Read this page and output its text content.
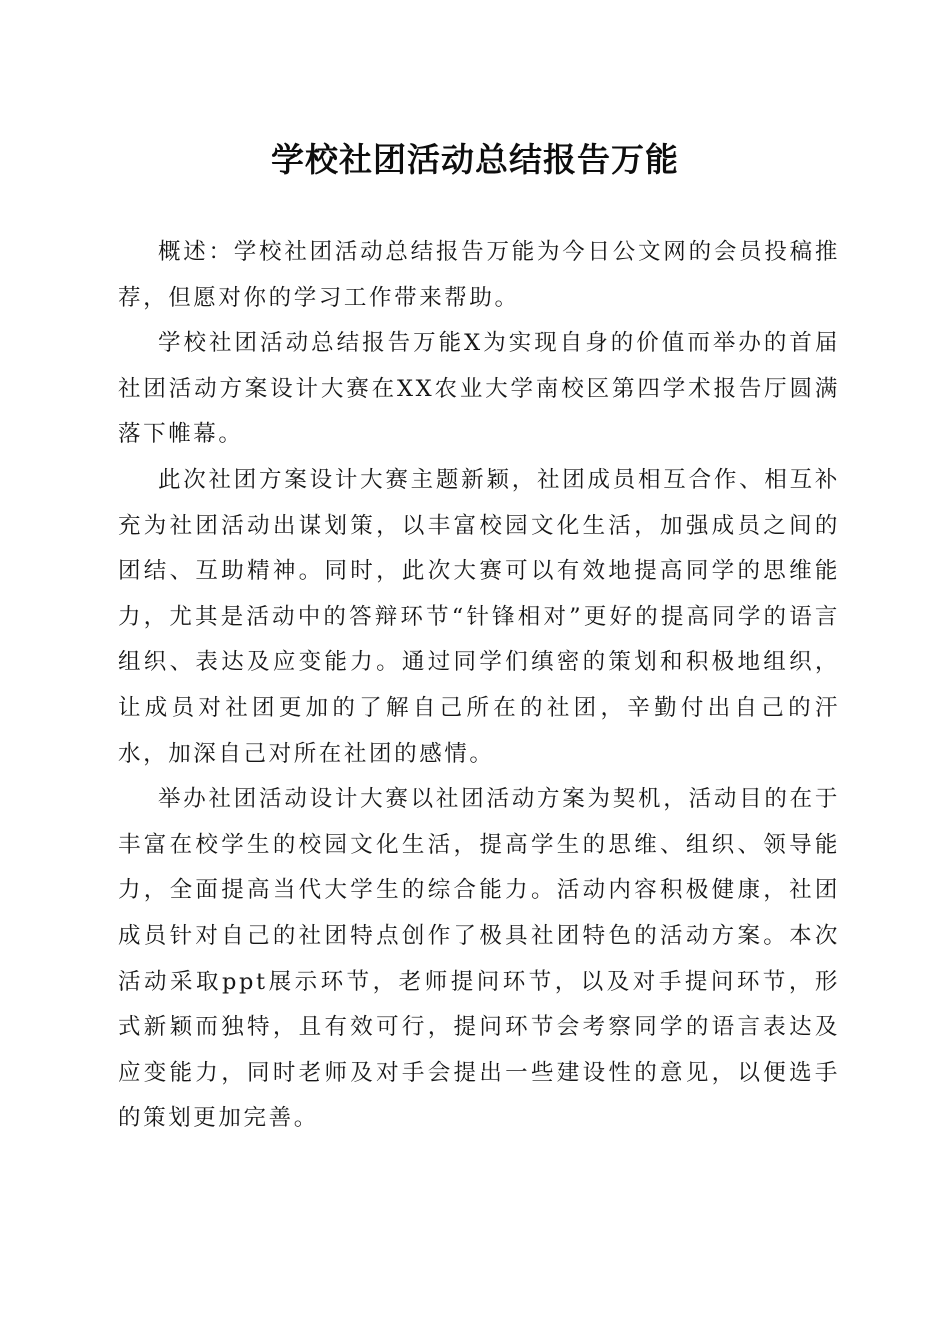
学校社团活动总结报告万能

概述：学校社团活动总结报告万能为今日公文网的会员投稿推荐，但愿对你的学习工作带来帮助。

学校社团活动总结报告万能X为实现自身的价值而举办的首届社团活动方案设计大赛在XX农业大学南校区第四学术报告厅圆满落下帷幕。

此次社团方案设计大赛主题新颖，社团成员相互合作、相互补充为社团活动出谋划策，以丰富校园文化生活，加强成员之间的团结、互助精神。同时，此次大赛可以有效地提高同学的思维能力，尤其是活动中的答辩环节“针锋相对”更好的提高同学的语言组织、表达及应变能力。通过同学们缜密的策划和积极地组织，让成员对社团更加的了解自己所在的社团，辛勤付出自己的汗水，加深自己对所在社团的感情。

举办社团活动设计大赛以社团活动方案为契机，活动目的在于丰富在校学生的校园文化生活，提高学生的思维、组织、领导能力，全面提高当代大学生的综合能力。活动内容积极健康，社团成员针对自己的社团特点创作了极具社团特色的活动方案。本次活动采取ppt展示环节，老师提问环节，以及对手提问环节，形式新颖而独特，且有效可行，提问环节会考察同学的语言表达及应变能力，同时老师及对手会提出一些建设性的意见，以便选手的策划更加完善。
